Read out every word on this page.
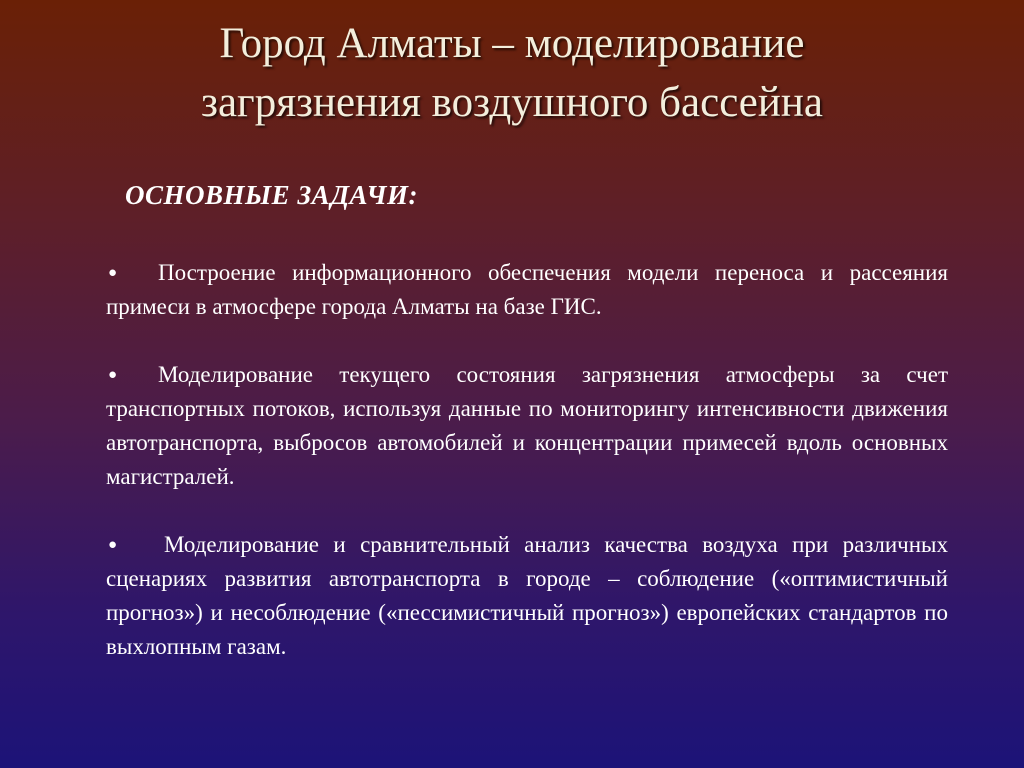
Город Алматы – моделирование
загрязнения воздушного бассейна
ОСНОВНЫЕ ЗАДАЧИ:
● Построение информационного обеспечения модели переноса и рассеяния примеси в атмосфере города Алматы на базе ГИС.
● Моделирование текущего состояния загрязнения атмосферы за счет транспортных потоков, используя данные по мониторингу интенсивности движения автотранспорта, выбросов автомобилей и концентрации примесей вдоль основных магистралей.
● Моделирование и сравнительный анализ качества воздуха при различных сценариях развития автотранспорта в городе – соблюдение («оптимистичный прогноз») и несоблюдение («пессимистичный прогноз») европейских стандартов по выхлопным газам.
